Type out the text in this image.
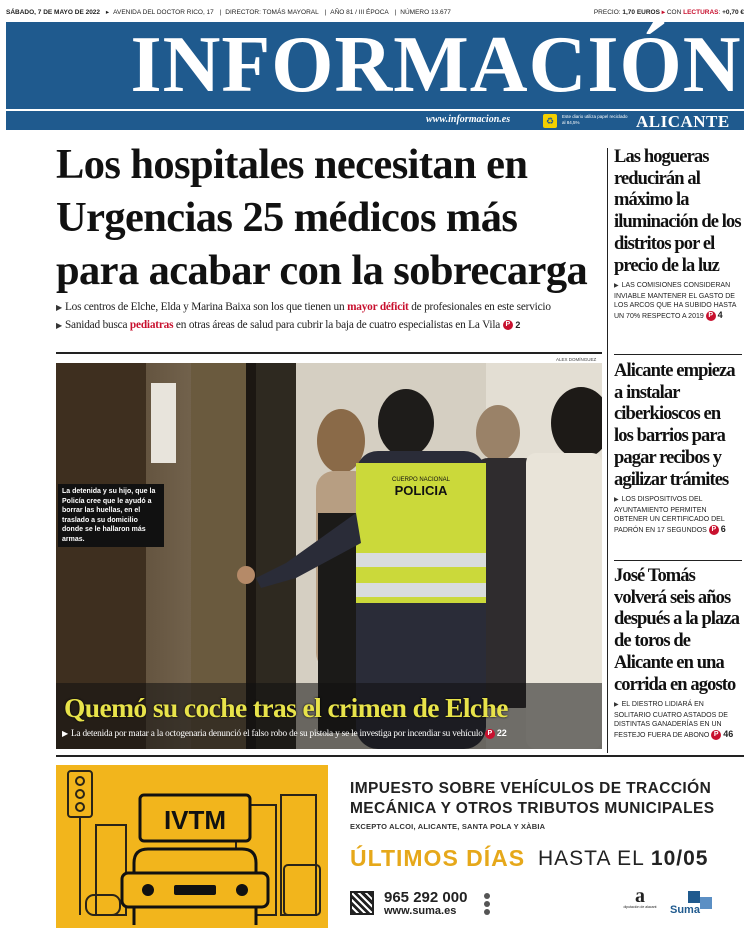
SÁBADO, 7 DE MAYO DE 2022 ▸ AVENIDA DEL DOCTOR RICO, 17 | DIRECTOR: TOMÁS MAYORAL | AÑO 81 / III ÉPOCA | NÚMERO 13.677	PRECIO: 1,70 EUROS ▸ CON LECTURAS: +0,70 €
INFORMACIÓN
www.informacion.es	♻	Este diario utiliza papel reciclado al 84,5%	ALICANTE
Los hospitales necesitan en Urgencias 25 médicos más para acabar con la sobrecarga
▶ Los centros de Elche, Elda y Marina Baixa son los que tienen un mayor déficit de profesionales en este servicio
▶ Sanidad busca pediatras en otras áreas de salud para cubrir la baja de cuatro especialistas en La Vila P 2
ALEX DOMÍNGUEZ
CUERPO NACIONAL
POLICIA
La detenida y su hijo, que la Policía cree que le ayudó a borrar las huellas, en el traslado a su domicilio donde se le hallaron más armas.
Quemó su coche tras el crimen de Elche
▶ La detenida por matar a la octogenaria denunció el falso robo de su pistola y se le investiga por incendiar su vehículo P 22
Las hogueras reducirán al máximo la iluminación de los distritos por el precio de la luz

▶ LAS COMISIONES CONSIDERAN INVIABLE MANTENER EL GASTO DE LOS ARCOS QUE HA SUBIDO HASTA UN 70% RESPECTO A 2019 P 4

Alicante empieza a instalar ciberkioscos en los barrios para pagar recibos y agilizar trámites

▶ LOS DISPOSITIVOS DEL AYUNTAMIENTO PERMITEN OBTENER UN CERTIFICADO DEL PADRÓN EN 17 SEGUNDOS P 6

José Tomás volverá seis años después a la plaza de toros de Alicante en una corrida en agosto

▶ EL DIESTRO LIDIARÁ EN SOLITARIO CUATRO ASTADOS DE DISTINTAS GANADERÍAS EN UN FESTEJO FUERA DE ABONO P 46

IVTM
IMPUESTO SOBRE VEHÍCULOS DE TRACCIÓN
MECÁNICA Y OTROS TRIBUTOS MUNICIPALES
EXCEPTO ALCOI, ALICANTE, SANTA POLA Y XÀBIA
ÚLTIMOS DÍAS HASTA EL 10/05
965 292 000
www.suma.es
a
diputación de alacant Suma
